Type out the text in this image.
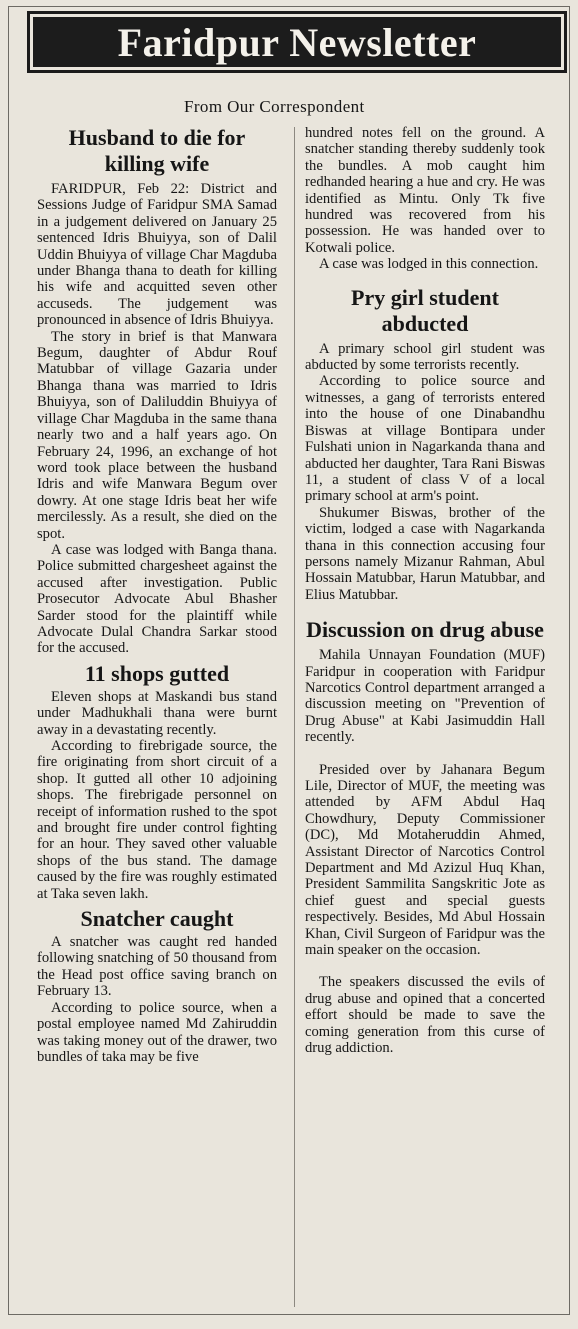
Faridpur Newsletter
From Our Correspondent
Husband to die for killing wife

FARIDPUR, Feb 22: District and Sessions Judge of Faridpur SMA Samad in a judgement delivered on January 25 sentenced Idris Bhuiyya, son of Dalil Uddin Bhuiyya of village Char Magduba under Bhanga thana to death for killing his wife and acquitted seven other accuseds. The judgement was pronounced in absence of Idris Bhuiyya.

The story in brief is that Manwara Begum, daughter of Abdur Rouf Matubbar of village Gazaria under Bhanga thana was married to Idris Bhuiyya, son of Daliluddin Bhuiyya of village Char Magduba in the same thana nearly two and a half years ago. On February 24, 1996, an exchange of hot word took place between the husband Idris and wife Manwara Begum over dowry. At one stage Idris beat her wife mercilessly. As a result, she died on the spot.

A case was lodged with Banga thana. Police submitted chargesheet against the accused after investigation. Public Prosecutor Advocate Abul Bhasher Sarder stood for the plaintiff while Advocate Dulal Chandra Sarkar stood for the accused.

11 shops gutted

Eleven shops at Maskandi bus stand under Madhukhali thana were burnt away in a devastating recently.

According to firebrigade source, the fire originating from short circuit of a shop. It gutted all other 10 adjoining shops. The firebrigade personnel on receipt of information rushed to the spot and brought fire under control fighting for an hour. They saved other valuable shops of the bus stand. The damage caused by the fire was roughly estimated at Taka seven lakh.

Snatcher caught

A snatcher was caught red handed following snatching of 50 thousand from the Head post office saving branch on February 13.

According to police source, when a postal employee named Md Zahiruddin was taking money out of the drawer, two bundles of taka may be five

hundred notes fell on the ground. A snatcher standing thereby suddenly took the bundles. A mob caught him redhanded hearing a hue and cry. He was identified as Mintu. Only Tk five hundred was recovered from his possession. He was handed over to Kotwali police.

A case was lodged in this connection.

Pry girl student abducted

A primary school girl student was abducted by some terrorists recently.

According to police source and witnesses, a gang of terrorists entered into the house of one Dinabandhu Biswas at village Bontipara under Fulshati union in Nagarkanda thana and abducted her daughter, Tara Rani Biswas 11, a student of class V of a local primary school at arm's point.

Shukumer Biswas, brother of the victim, lodged a case with Nagarkanda thana in this connection accusing four persons namely Mizanur Rahman, Abul Hossain Matubbar, Harun Matubbar, and Elius Matubbar.

Discussion on drug abuse

Mahila Unnayan Foundation (MUF) Faridpur in cooperation with Faridpur Narcotics Control department arranged a discussion meeting on "Prevention of Drug Abuse" at Kabi Jasimuddin Hall recently.

Presided over by Jahanara Begum Lile, Director of MUF, the meeting was attended by AFM Abdul Haq Chowdhury, Deputy Commissioner (DC), Md Motaheruddin Ahmed, Assistant Director of Narcotics Control Department and Md Azizul Huq Khan, President Sammilita Sangskritic Jote as chief guest and special guests respectively. Besides, Md Abul Hossain Khan, Civil Surgeon of Faridpur was the main speaker on the occasion.

The speakers discussed the evils of drug abuse and opined that a concerted effort should be made to save the coming generation from this curse of drug addiction.
